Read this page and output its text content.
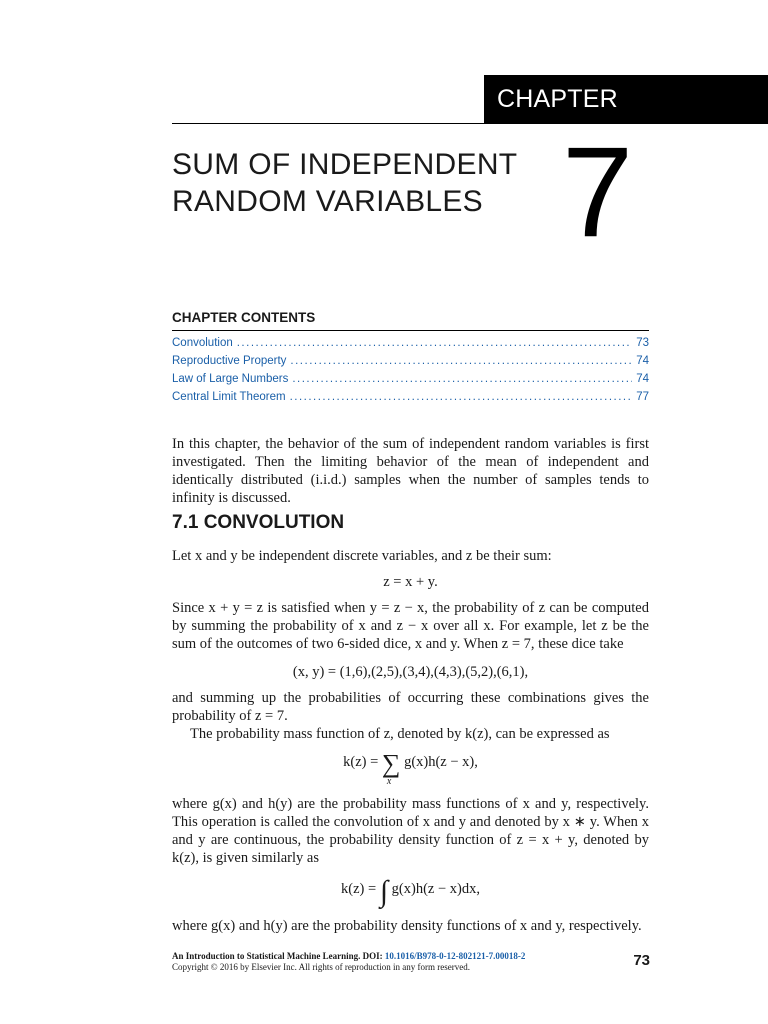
CHAPTER
SUM OF INDEPENDENT
RANDOM VARIABLES 7
CHAPTER CONTENTS
Convolution .....	73
Reproductive Property .....	74
Law of Large Numbers .....	74
Central Limit Theorem .....	77

In this chapter, the behavior of the sum of independent random variables is first investigated. Then the limiting behavior of the mean of independent and identically distributed (i.i.d.) samples when the number of samples tends to infinity is discussed.

7.1 CONVOLUTION

Let x and y be independent discrete variables, and z be their sum:

z = x + y.

Since x + y = z is satisfied when y = z − x, the probability of z can be computed by summing the probability of x and z − x over all x. For example, let z be the sum of the outcomes of two 6-sided dice, x and y. When z = 7, these dice take

(x, y) = (1,6),(2,5),(3,4),(4,3),(5,2),(6,1),

and summing up the probabilities of occurring these combinations gives the probability of z = 7.

The probability mass function of z, denoted by k(z), can be expressed as

k(z) = ∑
x
g(x)h(z − x),

where g(x) and h(y) are the probability mass functions of x and y, respectively. This operation is called the convolution of x and y and denoted by x ∗ y. When x and y are continuous, the probability density function of z = x + y, denoted by k(z), is given similarly as

k(z) = ∫ g(x)h(z − x)dx,

where g(x) and h(y) are the probability density functions of x and y, respectively.

An Introduction to Statistical Machine Learning. DOI: 10.1016/B978-0-12-802121-7.00018-2
Copyright © 2016 by Elsevier Inc. All rights of reproduction in any form reserved.	73
